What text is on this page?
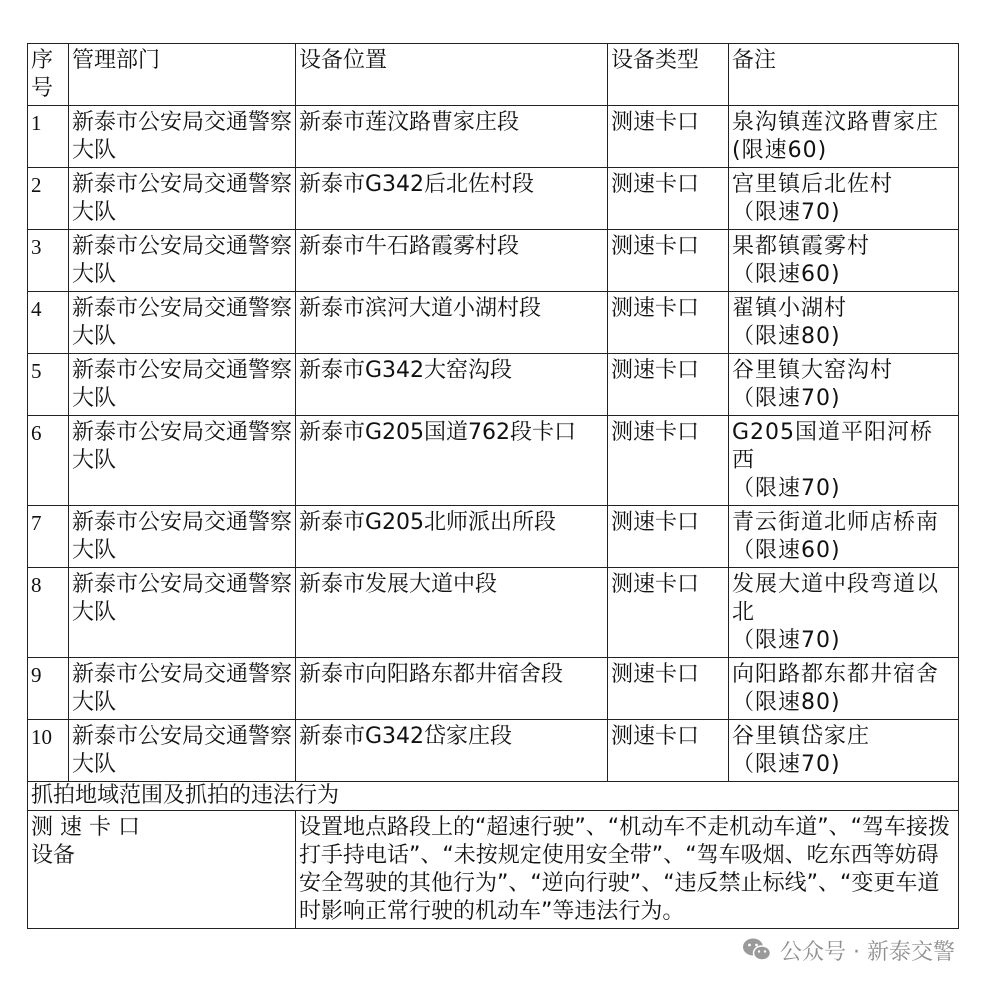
序
号	管理部门	设备位置	设备类型	备注
1	新泰市公安局交通警察大队	新泰市莲汶路曹家庄段	测速卡口	泉沟镇莲汶路曹家庄(限速60)
2	新泰市公安局交通警察大队	新泰市G342后北佐村段	测速卡口	宫里镇后北佐村
（限速70)
3	新泰市公安局交通警察大队	新泰市牛石路霞雾村段	测速卡口	果都镇霞雾村
（限速60)
4	新泰市公安局交通警察大队	新泰市滨河大道小湖村段	测速卡口	翟镇小湖村
（限速80)
5	新泰市公安局交通警察大队	新泰市G342大窑沟段	测速卡口	谷里镇大窑沟村
（限速70)
6	新泰市公安局交通警察大队	新泰市G205国道762段卡口	测速卡口	G205国道平阳河桥西
（限速70)
7	新泰市公安局交通警察大队	新泰市G205北师派出所段	测速卡口	青云街道北师店桥南（限速60)
8	新泰市公安局交通警察大队	新泰市发展大道中段	测速卡口	发展大道中段弯道以北
（限速70)
9	新泰市公安局交通警察大队	新泰市向阳路东都井宿舍段	测速卡口	向阳路都东都井宿舍（限速80)
10	新泰市公安局交通警察大队	新泰市G342岱家庄段	测速卡口	谷里镇岱家庄
（限速70)
抓拍地域范围及抓拍的违法行为				
测 速 卡 口
设备		设置地点路段上的“超速行驶”、“机动车不走机动车道”、“驾车接拨打手持电话”、“未按规定使用安全带”、“驾车吸烟、吃东西等妨碍安全驾驶的其他行为”、“逆向行驶”、“违反禁止标线”、“变更车道时影响正常行驶的机动车”等违法行为。		
公众号 · 新泰交警
